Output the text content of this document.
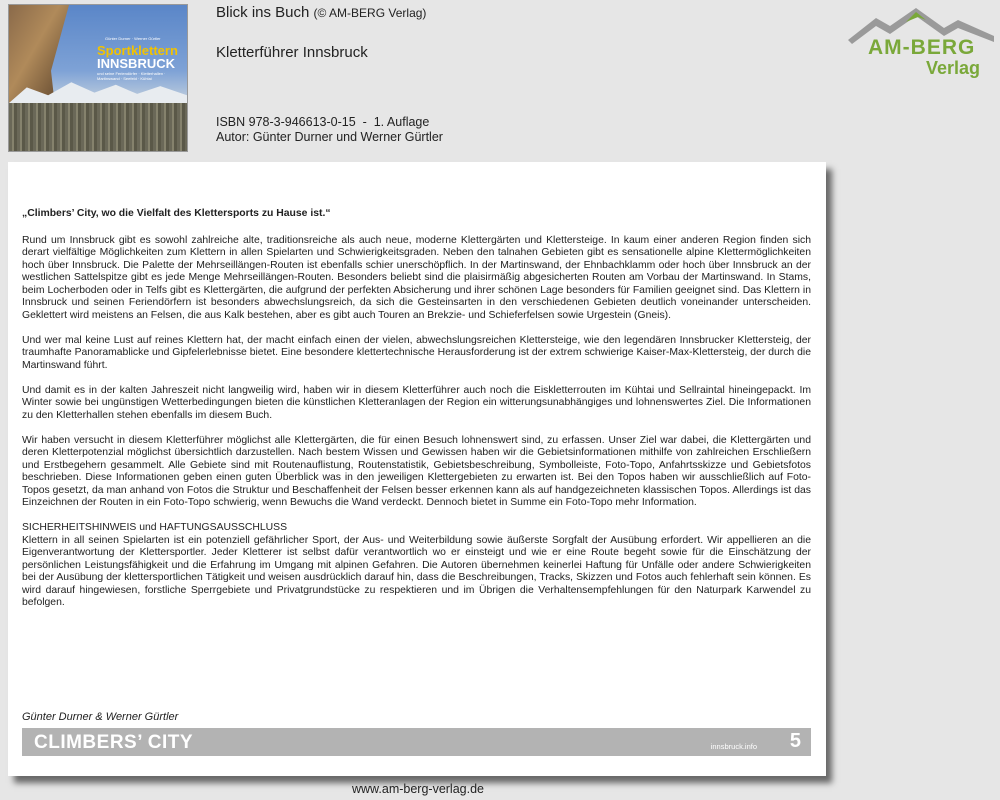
Günter Durner · Werner Gürtler
Sportklettern
INNSBRUCK
und seine Feriendörfer · Kletterhallen · Martinswand · Seefeld · Kühtai
Blick ins Buch (© AM-BERG Verlag)
Kletterführer Innsbruck
ISBN 978-3-946613-0-15  -  1. Auflage
Autor: Günter Durner und Werner Gürtler
AM-BERG
Verlag

„Climbers’ City, wo die Vielfalt des Klettersports zu Hause ist.“

Rund um Innsbruck gibt es sowohl zahlreiche alte, traditionsreiche als auch neue, moderne Klettergärten und Klettersteige. In kaum einer anderen Region finden sich derart vielfältige Möglichkeiten zum Klettern in allen Spielarten und Schwierigkeitsgraden. Neben den talnahen Gebieten gibt es sensationelle alpine Klettermöglichkeiten hoch über Innsbruck. Die Palette der Mehrseillängen-Routen ist ebenfalls schier unerschöpflich. In der Martinswand, der Ehnbachklamm oder hoch über Innsbruck an der westlichen Sattelspitze gibt es jede Menge Mehrseillängen-Routen. Besonders beliebt sind die plaisirmäßig abgesicherten Routen am Vorbau der Martinswand. In Stams, beim Locherboden oder in Telfs gibt es Klettergärten, die aufgrund der perfekten Absicherung und ihrer schönen Lage besonders für Familien geeignet sind. Das Klettern in Innsbruck und seinen Feriendörfern ist besonders abwechslungsreich, da sich die Gesteinsarten in den verschiedenen Gebieten deutlich voneinander unterscheiden. Geklettert wird meistens an Felsen, die aus Kalk bestehen, aber es gibt auch Touren an Brekzie- und Schieferfelsen sowie Urgestein (Gneis).

Und wer mal keine Lust auf reines Klettern hat, der macht einfach einen der vielen, abwechslungsreichen Klettersteige, wie den legendären Innsbrucker Klettersteig, der traumhafte Panoramablicke und Gipfelerlebnisse bietet. Eine besondere klettertechnische Herausforderung ist der extrem schwierige Kaiser-Max-Klettersteig, der durch die Martinswand führt.

Und damit es in der kalten Jahreszeit nicht langweilig wird, haben wir in diesem Kletterführer auch noch die Eiskletterrouten im Kühtai und Sellraintal hineingepackt. Im Winter sowie bei ungünstigen Wetterbedingungen bieten die künstlichen Kletteranlagen der Region ein witterungsunabhängiges und lohnenswertes Ziel. Die Informationen zu den Kletterhallen stehen ebenfalls im diesem Buch.

Wir haben versucht in diesem Kletterführer möglichst alle Klettergärten, die für einen Besuch lohnenswert sind, zu erfassen. Unser Ziel war dabei, die Klettergärten und deren Kletterpotenzial möglichst übersichtlich darzustellen. Nach bestem Wissen und Gewissen haben wir die Gebietsinformationen mithilfe von zahlreichen Erschließern und Erstbegehern gesammelt. Alle Gebiete sind mit Routenauflistung, Routenstatistik, Gebietsbeschreibung, Symbolleiste, Foto-Topo, Anfahrtsskizze und Gebietsfotos beschrieben. Diese Informationen geben einen guten Überblick was in den jeweiligen Klettergebieten zu erwarten ist. Bei den Topos haben wir ausschließlich auf Foto-Topos gesetzt, da man anhand von Fotos die Struktur und Beschaffenheit der Felsen besser erkennen kann als auf handgezeichneten klassischen Topos. Allerdings ist das Einzeichnen der Routen in ein Foto-Topo schwierig, wenn Bewuchs die Wand verdeckt. Dennoch bietet in Summe ein Foto-Topo mehr Information.

SICHERHEITSHINWEIS und HAFTUNGSAUSSCHLUSS

Klettern in all seinen Spielarten ist ein potenziell gefährlicher Sport, der Aus- und Weiterbildung sowie äußerste Sorgfalt der Ausübung erfordert. Wir appellieren an die Eigenverantwortung der Klettersportler. Jeder Kletterer ist selbst dafür verantwortlich wo er einsteigt und wie er eine Route begeht sowie für die Einschätzung der persönlichen Leistungsfähigkeit und die Erfahrung im Umgang mit alpinen Gefahren. Die Autoren übernehmen keinerlei Haftung für Unfälle oder andere Schwierigkeiten bei der Ausübung der klettersportlichen Tätigkeit und weisen ausdrücklich darauf hin, dass die Beschreibungen, Tracks, Skizzen und Fotos auch fehlerhaft sein können. Es wird darauf hingewiesen, forstliche Sperrgebiete und Privatgrundstücke zu respektieren und im Übrigen die Verhaltensempfehlungen für den Naturpark Karwendel zu befolgen.

Günter Durner & Werner Gürtler
CLIMBERS’ CITY	innsbruck.info 5
www.am-berg-verlag.de
